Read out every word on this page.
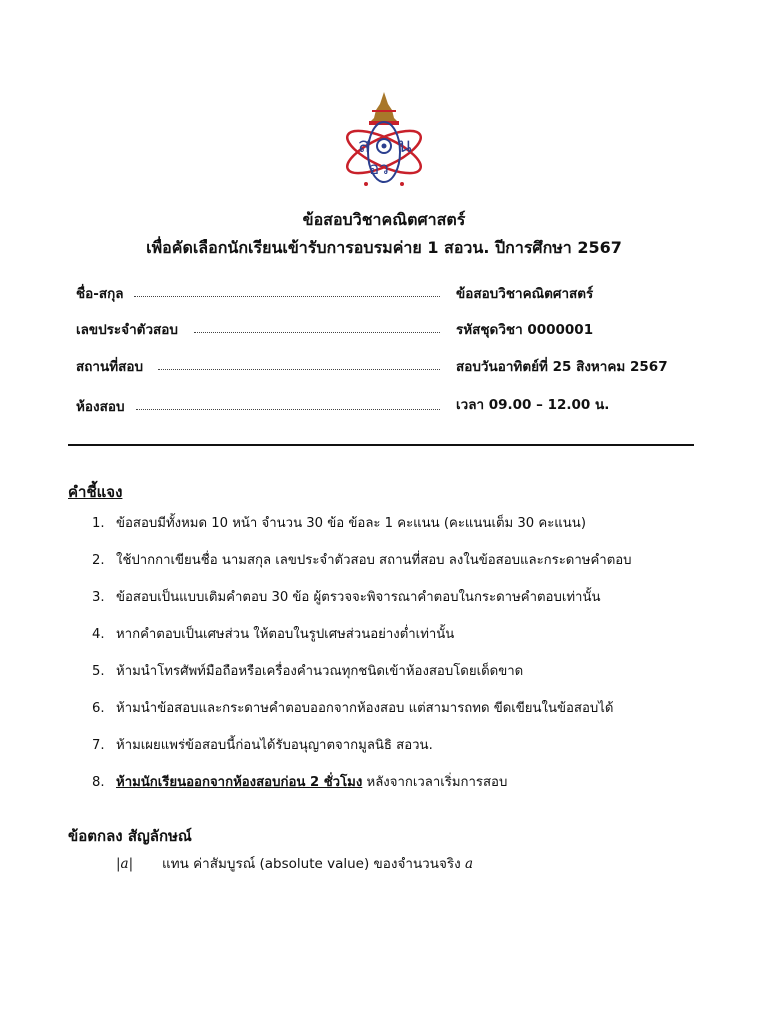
ส น
อว
ข้อสอบวิชาคณิตศาสตร์
เพื่อคัดเลือกนักเรียนเข้ารับการอบรมค่าย 1 สอวน. ปีการศึกษา 2567
ชื่อ-สกุล
เลขประจำตัวสอบ
สถานที่สอบ
ห้องสอบ
ข้อสอบวิชาคณิตศาสตร์
รหัสชุดวิชา 0000001
สอบวันอาทิตย์ที่ 25 สิงหาคม 2567
เวลา 09.00 – 12.00 น.
คำชี้แจง
1. ข้อสอบมีทั้งหมด 10 หน้า จำนวน 30 ข้อ ข้อละ 1 คะแนน (คะแนนเต็ม 30 คะแนน)
2. ใช้ปากกาเขียนชื่อ นามสกุล เลขประจำตัวสอบ สถานที่สอบ ลงในข้อสอบและกระดาษคำตอบ
3. ข้อสอบเป็นแบบเติมคำตอบ 30 ข้อ ผู้ตรวจจะพิจารณาคำตอบในกระดาษคำตอบเท่านั้น
4. หากคำตอบเป็นเศษส่วน ให้ตอบในรูปเศษส่วนอย่างต่ำเท่านั้น
5. ห้ามนำโทรศัพท์มือถือหรือเครื่องคำนวณทุกชนิดเข้าห้องสอบโดยเด็ดขาด
6. ห้ามนำข้อสอบและกระดาษคำตอบออกจากห้องสอบ แต่สามารถทด ขีดเขียนในข้อสอบได้
7. ห้ามเผยแพร่ข้อสอบนี้ก่อนได้รับอนุญาตจากมูลนิธิ สอวน.
8. ห้ามนักเรียนออกจากห้องสอบก่อน 2 ชั่วโมง หลังจากเวลาเริ่มการสอบ
ข้อตกลง สัญลักษณ์
|a| แทน ค่าสัมบูรณ์ (absolute value) ของจำนวนจริง a
